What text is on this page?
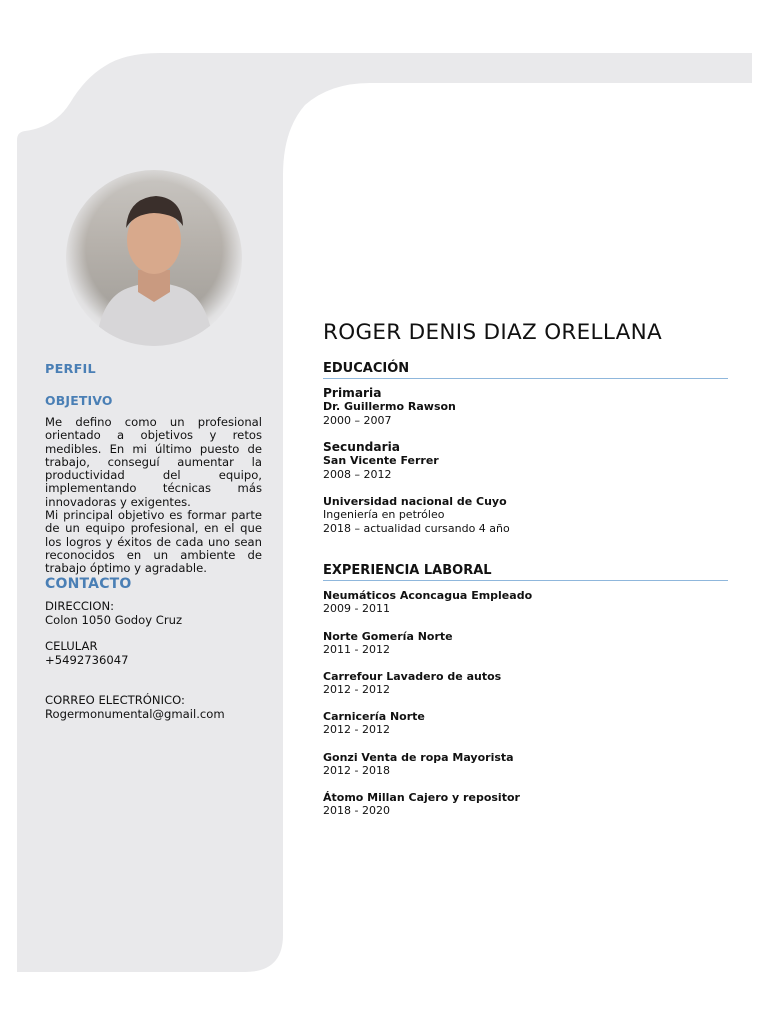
PERFIL
OBJETIVO
Me defino como un profesional orientado a objetivos y retos medibles. En mi último puesto de trabajo, conseguí aumentar la productividad del equipo, implementando técnicas más innovadoras y exigentes.
Mi principal objetivo es formar parte de un equipo profesional, en el que los logros y éxitos de cada uno sean reconocidos en un ambiente de trabajo óptimo y agradable.
CONTACTO
DIRECCION:
Colon 1050 Godoy Cruz
CELULAR
+5492736047
CORREO ELECTRÓNICO:
Rogermonumental@gmail.com
ROGER DENIS DIAZ ORELLANA
EDUCACIÓN
Primaria
Dr. Guillermo Rawson
2000 – 2007
Secundaria
San Vicente Ferrer
2008 – 2012
Universidad nacional de Cuyo
Ingeniería en petróleo
2018 – actualidad cursando 4 año
EXPERIENCIA LABORAL
Neumáticos Aconcagua Empleado
2009 - 2011
Norte Gomería Norte
2011 - 2012
Carrefour Lavadero de autos
2012 - 2012
Carnicería Norte
2012 - 2012
Gonzi Venta de ropa Mayorista
2012 - 2018
Átomo Millan Cajero y repositor
2018 - 2020
